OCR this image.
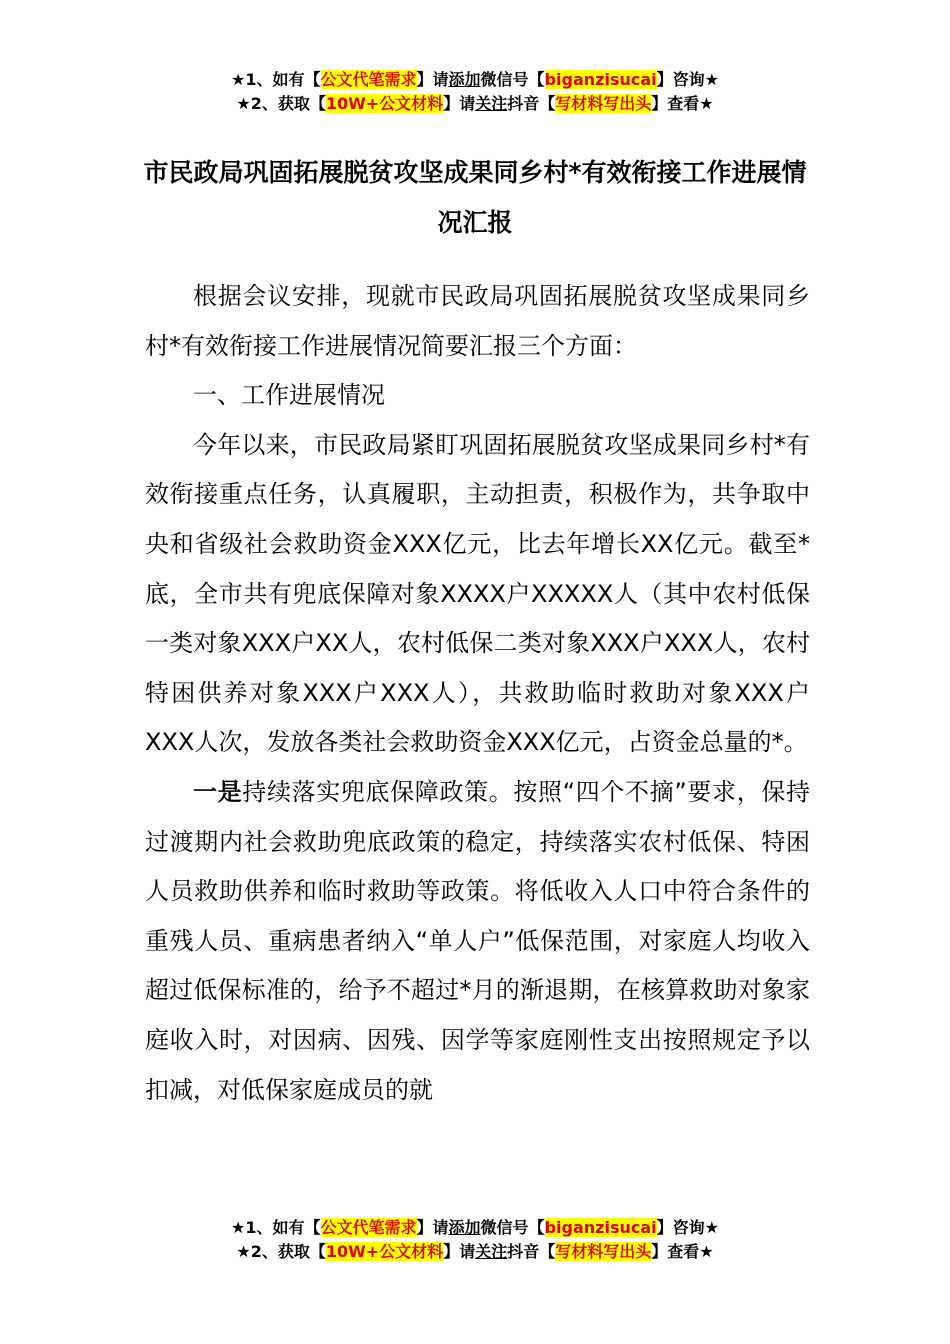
★1、如有【公文代笔需求】请添加微信号【biganzisucai】咨询★
★2、获取【10W+公文材料】请关注抖音【写材料写出头】查看★
市民政局巩固拓展脱贫攻坚成果同乡村*有效衔接工作进展情况汇报

根据会议安排，现就市民政局巩固拓展脱贫攻坚成果同乡村*有效衔接工作进展情况简要汇报三个方面：

一、工作进展情况

今年以来，市民政局紧盯巩固拓展脱贫攻坚成果同乡村*有效衔接重点任务，认真履职，主动担责，积极作为，共争取中央和省级社会救助资金XXX亿元，比去年增长XX亿元。截至*底，全市共有兜底保障对象XXXX户XXXXX人（其中农村低保一类对象XXX户XX人，农村低保二类对象XXX户XXX人，农村特困供养对象XXX户XXX人），共救助临时救助对象XXX户XXX人次，发放各类社会救助资金XXX亿元，占资金总量的*。

一是持续落实兜底保障政策。按照“四个不摘”要求，保持过渡期内社会救助兜底政策的稳定，持续落实农村低保、特困人员救助供养和临时救助等政策。将低收入人口中符合条件的重残人员、重病患者纳入“单人户”低保范围，对家庭人均收入超过低保标准的，给予不超过*月的渐退期，在核算救助对象家庭收入时，对因病、因残、因学等家庭刚性支出按照规定予以扣减，对低保家庭成员的就

★1、如有【公文代笔需求】请添加微信号【biganzisucai】咨询★
★2、获取【10W+公文材料】请关注抖音【写材料写出头】查看★
